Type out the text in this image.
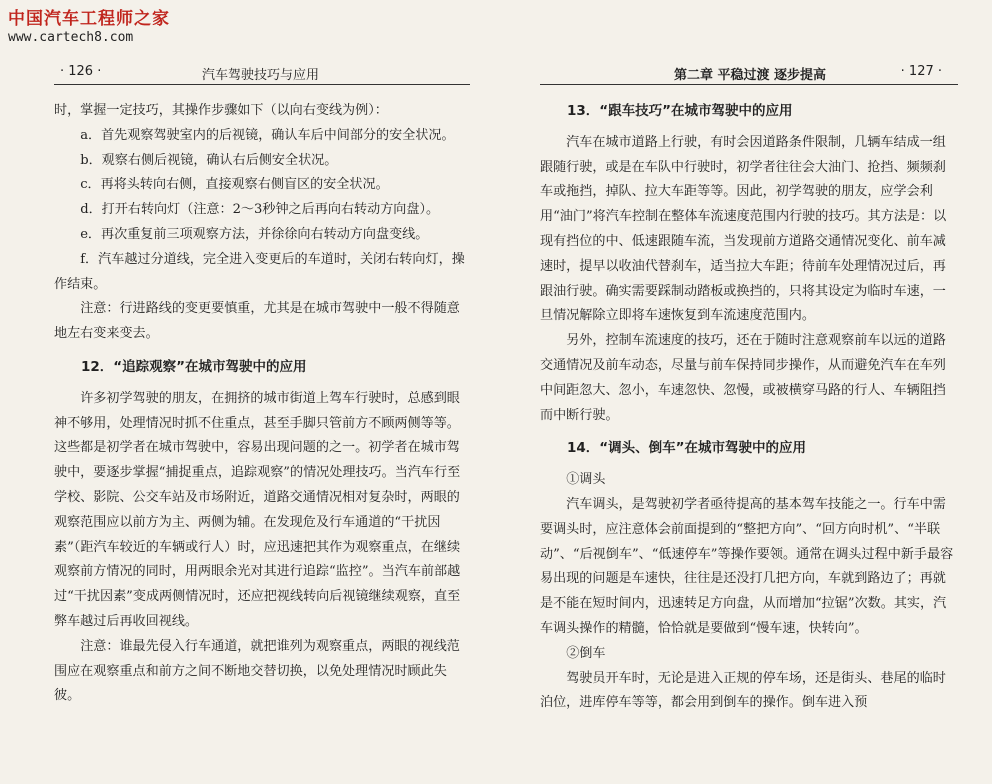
中国汽车工程师之家
www.cartech8.com
· 126 ·	汽车驾驶技巧与应用

时，掌握一定技巧，其操作步骤如下（以向右变线为例）：

a．首先观察驾驶室内的后视镜，确认车后中间部分的安全状况。

b．观察右侧后视镜，确认右后侧安全状况。

c．再将头转向右侧，直接观察右侧盲区的安全状况。

d．打开右转向灯（注意：2～3秒钟之后再向右转动方向盘）。

e．再次重复前三项观察方法，并徐徐向右转动方向盘变线。

f．汽车越过分道线，完全进入变更后的车道时，关闭右转向灯，操作结束。

注意：行进路线的变更要慎重，尤其是在城市驾驶中一般不得随意地左右变来变去。

12．“追踪观察”在城市驾驶中的应用

许多初学驾驶的朋友，在拥挤的城市街道上驾车行驶时，总感到眼神不够用，处理情况时抓不住重点，甚至手脚只管前方不顾两侧等等。这些都是初学者在城市驾驶中，容易出现问题的之一。初学者在城市驾驶中，要逐步掌握“捕捉重点，追踪观察”的情况处理技巧。当汽车行至学校、影院、公交车站及市场附近，道路交通情况相对复杂时，两眼的观察范围应以前方为主、两侧为辅。在发现危及行车通道的“干扰因素”（距汽车较近的车辆或行人）时，应迅速把其作为观察重点，在继续观察前方情况的同时，用两眼余光对其进行追踪“监控”。当汽车前部越过“干扰因素”变成两侧情况时，还应把视线转向后视镜继续观察，直至弊车越过后再收回视线。

注意：谁最先侵入行车通道，就把谁列为观察重点，两眼的视线范围应在观察重点和前方之间不断地交替切换，以免处理情况时顾此失彼。

第二章 平稳过渡 逐步提高	· 127 ·
13．“跟车技巧”在城市驾驶中的应用

汽车在城市道路上行驶，有时会因道路条件限制，几辆车结成一组跟随行驶，或是在车队中行驶时，初学者往往会大油门、抢挡、频频刹车或拖挡，掉队、拉大车距等等。因此，初学驾驶的朋友，应学会利用“油门”将汽车控制在整体车流速度范围内行驶的技巧。其方法是：以现有挡位的中、低速跟随车流，当发现前方道路交通情况变化、前车减速时，提早以收油代替刹车，适当拉大车距；待前车处理情况过后，再跟油行驶。确实需要踩制动踏板或换挡的，只将其设定为临时车速，一旦情况解除立即将车速恢复到车流速度范围内。

另外，控制车流速度的技巧，还在于随时注意观察前车以远的道路交通情况及前车动态，尽量与前车保持同步操作，从而避免汽车在车列中间距忽大、忽小，车速忽快、忽慢，或被横穿马路的行人、车辆阻挡而中断行驶。

14．“调头、倒车”在城市驾驶中的应用

①调头

汽车调头，是驾驶初学者亟待提高的基本驾车技能之一。行车中需要调头时，应注意体会前面提到的“整把方向”、“回方向时机”、“半联动”、“后视倒车”、“低速停车”等操作要领。通常在调头过程中新手最容易出现的问题是车速快，往往是还没打几把方向，车就到路边了；再就是不能在短时间内，迅速转足方向盘，从而增加“拉锯”次数。其实，汽车调头操作的精髓，恰恰就是要做到“慢车速，快转向”。

②倒车

驾驶员开车时，无论是进入正规的停车场，还是街头、巷尾的临时泊位，进库停车等等，都会用到倒车的操作。倒车进入预
